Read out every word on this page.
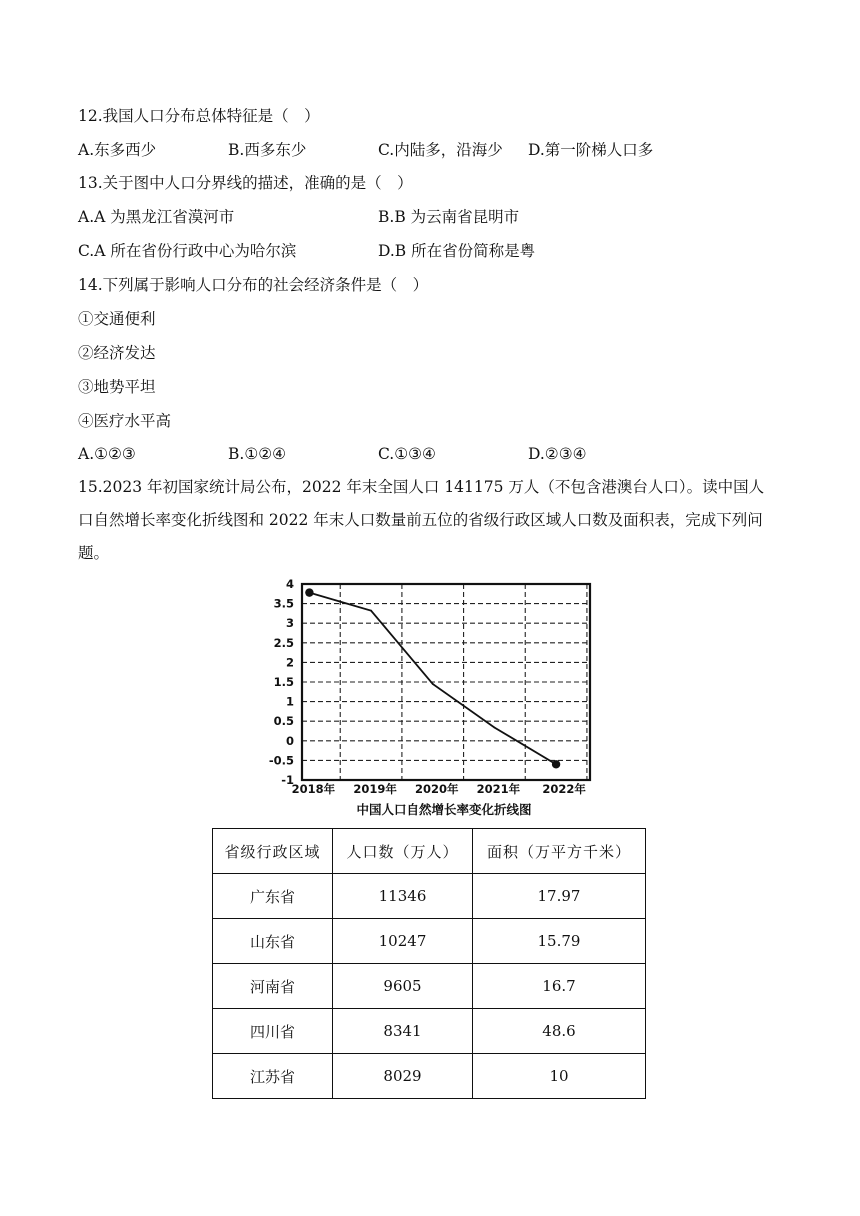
12.我国人口分布总体特征是（　）
A.东多西少	B.西多东少	C.内陆多，沿海少 D.第一阶梯人口多
13.关于图中人口分界线的描述，准确的是（　）
A.A 为黑龙江省漠河市	B.B 为云南省昆明市
C.A 所在省份行政中心为哈尔滨	D.B 所在省份简称是粤
14.下列属于影响人口分布的社会经济条件是（　）
①交通便利
②经济发达
③地势平坦
④医疗水平高
A.①②③	B.①②④	C.①③④	D.②③④
15.2023 年初国家统计局公布，2022 年末全国人口 141175 万人（不包含港澳台人口）。读中国人口自然增长率变化折线图和 2022 年末人口数量前五位的省级行政区域人口数及面积表，完成下列问题。
4
3.5
3
2.5
2
1.5
1
0.5
0
-0.5
-1
2018年 2019年 2020年 2021年 2022年
中国人口自然增长率变化折线图
省级行政区域	人口数（万人）	面积（万平方千米）
广东省	11346	17.97
山东省	10247	15.79
河南省	9605	16.7
四川省	8341	48.6
江苏省	8029	10
